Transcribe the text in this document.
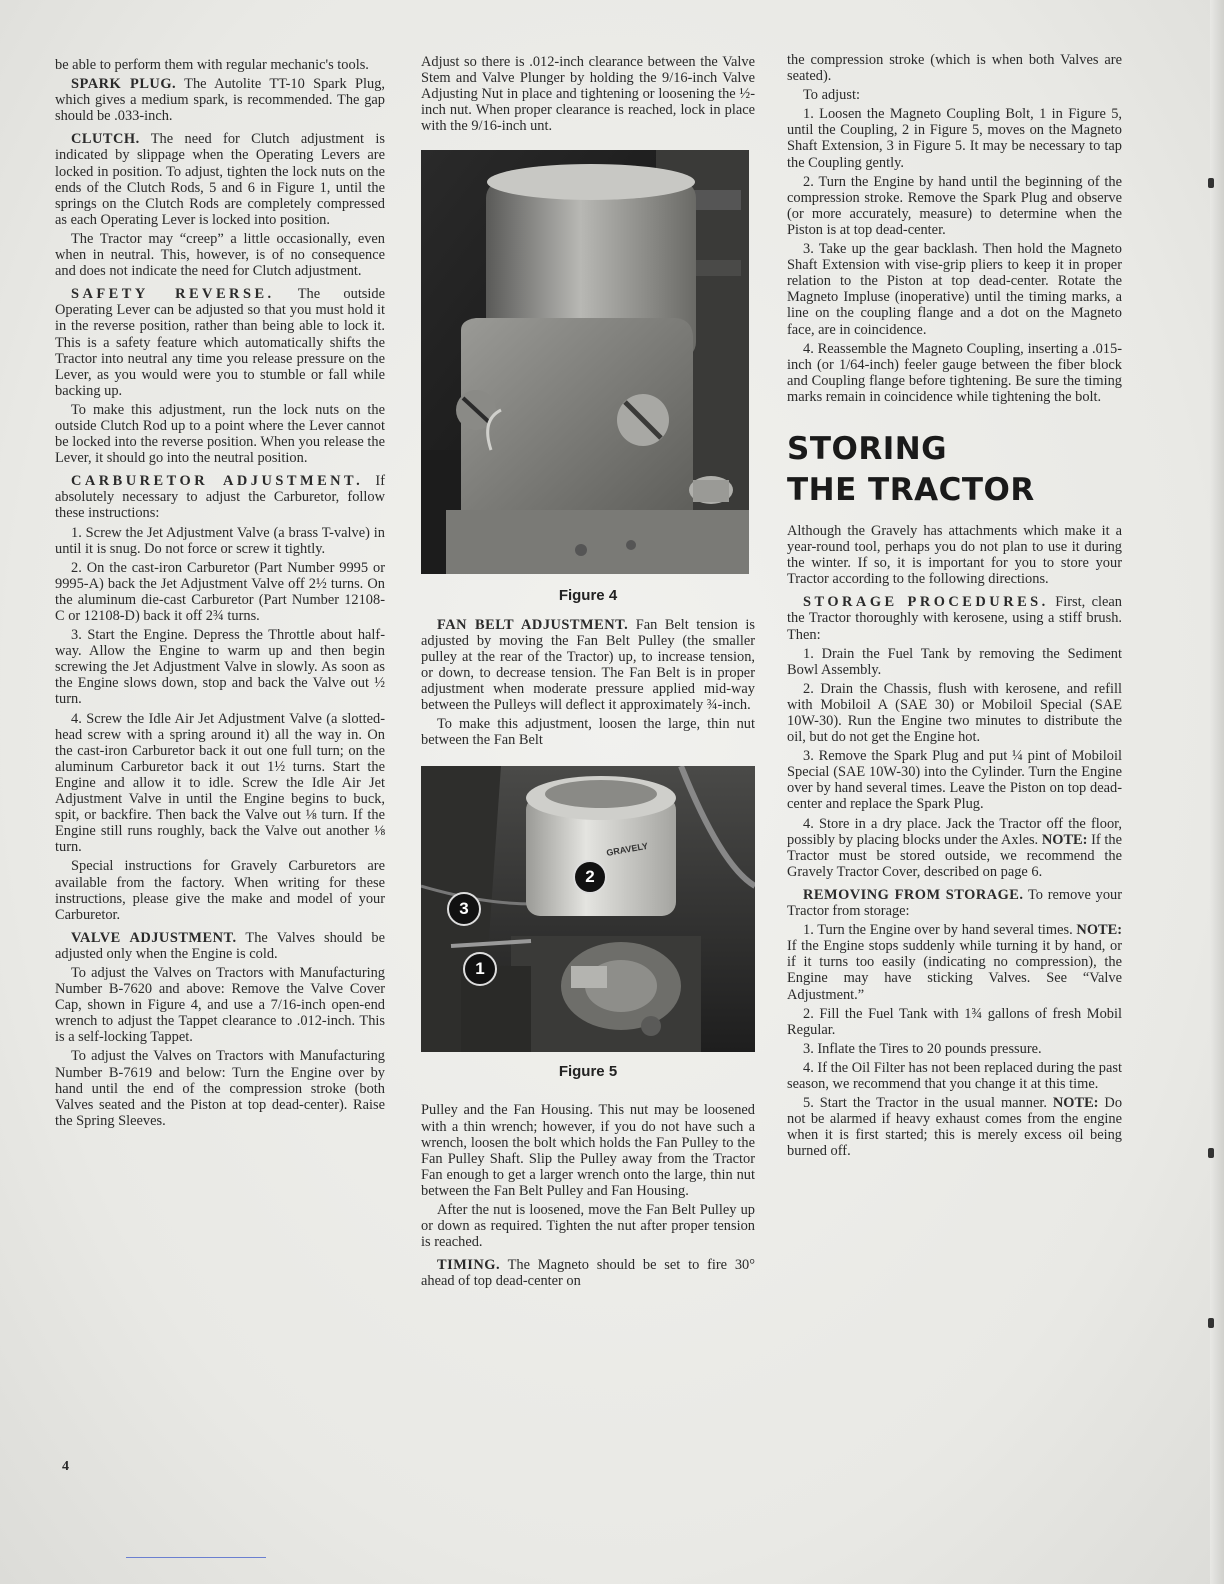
be able to perform them with regular mechanic's tools.

SPARK PLUG. The Autolite TT-10 Spark Plug, which gives a medium spark, is recommended. The gap should be .033-inch.

CLUTCH. The need for Clutch adjustment is indicated by slippage when the Operating Levers are locked in position. To adjust, tighten the lock nuts on the ends of the Clutch Rods, 5 and 6 in Figure 1, until the springs on the Clutch Rods are completely compressed as each Operating Lever is locked into position.

The Tractor may “creep” a little occasionally, even when in neutral. This, however, is of no consequence and does not indicate the need for Clutch adjustment.

SAFETY REVERSE. The outside Operating Lever can be adjusted so that you must hold it in the reverse position, rather than being able to lock it. This is a safety feature which automatically shifts the Tractor into neutral any time you release pressure on the Lever, as you would were you to stumble or fall while backing up.

To make this adjustment, run the lock nuts on the outside Clutch Rod up to a point where the Lever cannot be locked into the reverse position. When you release the Lever, it should go into the neutral position.

CARBURETOR ADJUSTMENT. If absolutely necessary to adjust the Carburetor, follow these instructions:

1. Screw the Jet Adjustment Valve (a brass T-valve) in until it is snug. Do not force or screw it tightly.

2. On the cast-iron Carburetor (Part Number 9995 or 9995-A) back the Jet Adjustment Valve off 2½ turns. On the aluminum die-cast Carburetor (Part Number 12108-C or 12108-D) back it off 2¾ turns.

3. Start the Engine. Depress the Throttle about half-way. Allow the Engine to warm up and then begin screwing the Jet Adjustment Valve in slowly. As soon as the Engine slows down, stop and back the Valve out ½ turn.

4. Screw the Idle Air Jet Adjustment Valve (a slotted-head screw with a spring around it) all the way in. On the cast-iron Carburetor back it out one full turn; on the aluminum Carburetor back it out 1½ turns. Start the Engine and allow it to idle. Screw the Idle Air Jet Adjustment Valve in until the Engine begins to buck, spit, or backfire. Then back the Valve out ⅛ turn. If the Engine still runs roughly, back the Valve out another ⅛ turn.

Special instructions for Gravely Carburetors are available from the factory. When writing for these instructions, please give the make and model of your Carburetor.

VALVE ADJUSTMENT. The Valves should be adjusted only when the Engine is cold.

To adjust the Valves on Tractors with Manufacturing Number B-7620 and above: Remove the Valve Cover Cap, shown in Figure 4, and use a 7/16-inch open-end wrench to adjust the Tappet clearance to .012-inch. This is a self-locking Tappet.

To adjust the Valves on Tractors with Manufacturing Number B-7619 and below: Turn the Engine over by hand until the end of the compression stroke (both Valves seated and the Piston at top dead-center). Raise the Spring Sleeves.

Adjust so there is .012-inch clearance between the Valve Stem and Valve Plunger by holding the 9/16-inch Valve Adjusting Nut in place and tightening or loosening the ½-inch nut. When proper clearance is reached, lock in place with the 9/16-inch unt.

Figure 4

FAN BELT ADJUSTMENT. Fan Belt tension is adjusted by moving the Fan Belt Pulley (the smaller pulley at the rear of the Tractor) up, to increase tension, or down, to decrease tension. The Fan Belt is in proper adjustment when moderate pressure applied mid-way between the Pulleys will deflect it approximately ¾-inch.

To make this adjustment, loosen the large, thin nut between the Fan Belt

GRAVELY
3
2
1
Figure 5

Pulley and the Fan Housing. This nut may be loosened with a thin wrench; however, if you do not have such a wrench, loosen the bolt which holds the Fan Pulley to the Fan Pulley Shaft. Slip the Pulley away from the Tractor Fan enough to get a larger wrench onto the large, thin nut between the Fan Belt Pulley and Fan Housing.

After the nut is loosened, move the Fan Belt Pulley up or down as required. Tighten the nut after proper tension is reached.

TIMING. The Magneto should be set to fire 30° ahead of top dead-center on

the compression stroke (which is when both Valves are seated).

To adjust:

1. Loosen the Magneto Coupling Bolt, 1 in Figure 5, until the Coupling, 2 in Figure 5, moves on the Magneto Shaft Extension, 3 in Figure 5. It may be necessary to tap the Coupling gently.

2. Turn the Engine by hand until the beginning of the compression stroke. Remove the Spark Plug and observe (or more accurately, measure) to determine when the Piston is at top dead-center.

3. Take up the gear backlash. Then hold the Magneto Shaft Extension with vise-grip pliers to keep it in proper relation to the Piston at top dead-center. Rotate the Magneto Impluse (inoperative) until the timing marks, a line on the coupling flange and a dot on the Magneto face, are in coincidence.

4. Reassemble the Magneto Coupling, inserting a .015-inch (or 1/64-inch) feeler gauge between the fiber block and Coupling flange before tightening. Be sure the timing marks remain in coincidence while tightening the bolt.

STORING
THE TRACTOR

Although the Gravely has attachments which make it a year-round tool, perhaps you do not plan to use it during the winter. If so, it is important for you to store your Tractor according to the following directions.

STORAGE PROCEDURES. First, clean the Tractor thoroughly with kerosene, using a stiff brush. Then:

1. Drain the Fuel Tank by removing the Sediment Bowl Assembly.

2. Drain the Chassis, flush with kerosene, and refill with Mobiloil A (SAE 30) or Mobiloil Special (SAE 10W-30). Run the Engine two minutes to distribute the oil, but do not get the Engine hot.

3. Remove the Spark Plug and put ¼ pint of Mobiloil Special (SAE 10W-30) into the Cylinder. Turn the Engine over by hand several times. Leave the Piston on top dead-center and replace the Spark Plug.

4. Store in a dry place. Jack the Tractor off the floor, possibly by placing blocks under the Axles. NOTE: If the Tractor must be stored outside, we recommend the Gravely Tractor Cover, described on page 6.

REMOVING FROM STORAGE. To remove your Tractor from storage:

1. Turn the Engine over by hand several times. NOTE: If the Engine stops suddenly while turning it by hand, or if it turns too easily (indicating no compression), the Engine may have sticking Valves. See “Valve Adjustment.”

2. Fill the Fuel Tank with 1¾ gallons of fresh Mobil Regular.

3. Inflate the Tires to 20 pounds pressure.

4. If the Oil Filter has not been replaced during the past season, we recommend that you change it at this time.

5. Start the Tractor in the usual manner. NOTE: Do not be alarmed if heavy exhaust comes from the engine when it is first started; this is merely excess oil being burned off.

4
